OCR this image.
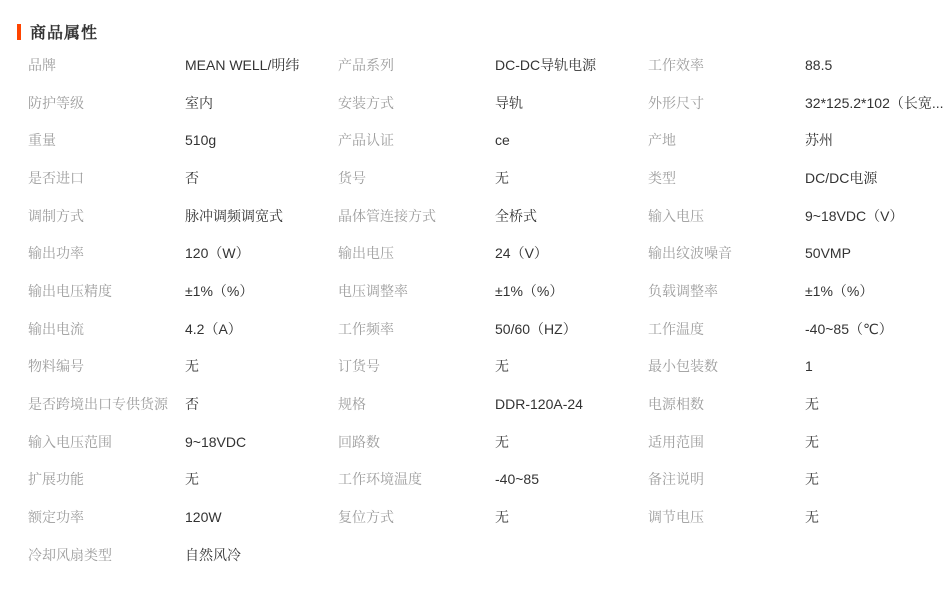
商品属性
品牌	MEAN WELL/明纬	产品系列	DC-DC导轨电源	工作效率	88.5
防护等级	室内	安装方式	导轨	外形尺寸	32*125.2*102（长宽...
重量	510g	产品认证	ce	产地	苏州
是否进口	否	货号	无	类型	DC/DC电源
调制方式	脉冲调频调宽式	晶体管连接方式	全桥式	输入电压	9~18VDC（V）
输出功率	120（W）	输出电压	24（V）	输出纹波噪音	50VMP
输出电压精度	±1%（%）	电压调整率	±1%（%）	负载调整率	±1%（%）
输出电流	4.2（A）	工作频率	50/60（HZ）	工作温度	-40~85（℃）
物料编号	无	订货号	无	最小包装数	1
是否跨境出口专供货源	否	规格	DDR-120A-24	电源相数	无
输入电压范围	9~18VDC	回路数	无	适用范围	无
扩展功能	无	工作环境温度	-40~85	备注说明	无
额定功率	120W	复位方式	无	调节电压	无
冷却风扇类型	自然风冷
